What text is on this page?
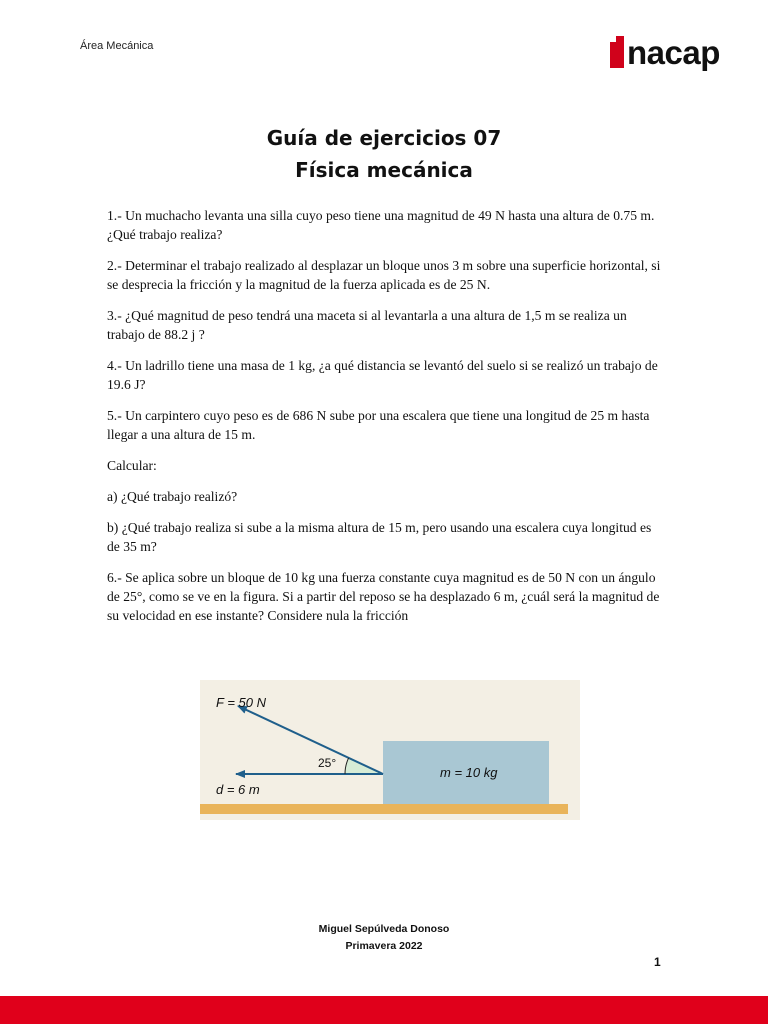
Área Mecánica	nacap
Guía de ejercicios 07
Física mecánica

1.- Un muchacho levanta una silla cuyo peso tiene una magnitud de 49 N hasta una altura de 0.75 m. ¿Qué trabajo realiza?

2.- Determinar el trabajo realizado al desplazar un bloque unos 3 m sobre una superficie horizontal, si se desprecia la fricción y la magnitud de la fuerza aplicada es de 25 N.

3.- ¿Qué magnitud de peso tendrá una maceta si al levantarla a una altura de 1,5 m se realiza un trabajo de 88.2 j ?

4.- Un ladrillo tiene una masa de 1 kg, ¿a qué distancia se levantó del suelo si se realizó un trabajo de 19.6 J?

5.- Un carpintero cuyo peso es de 686 N sube por una escalera que tiene una longitud de 25 m hasta llegar a una altura de 15 m.

Calcular:

a) ¿Qué trabajo realizó?

b) ¿Qué trabajo realiza si sube a la misma altura de 15 m, pero usando una escalera cuya longitud es de 35 m?

6.- Se aplica sobre un bloque de 10 kg una fuerza constante cuya magnitud es de 50 N con un ángulo de 25°, como se ve en la figura. Si a partir del reposo se ha desplazado 6 m, ¿cuál será la magnitud de su velocidad en ese instante? Considere nula la fricción

F = 50 N
25°
d = 6 m
m = 10 kg
Miguel Sepúlveda Donoso
Primavera 2022
1
